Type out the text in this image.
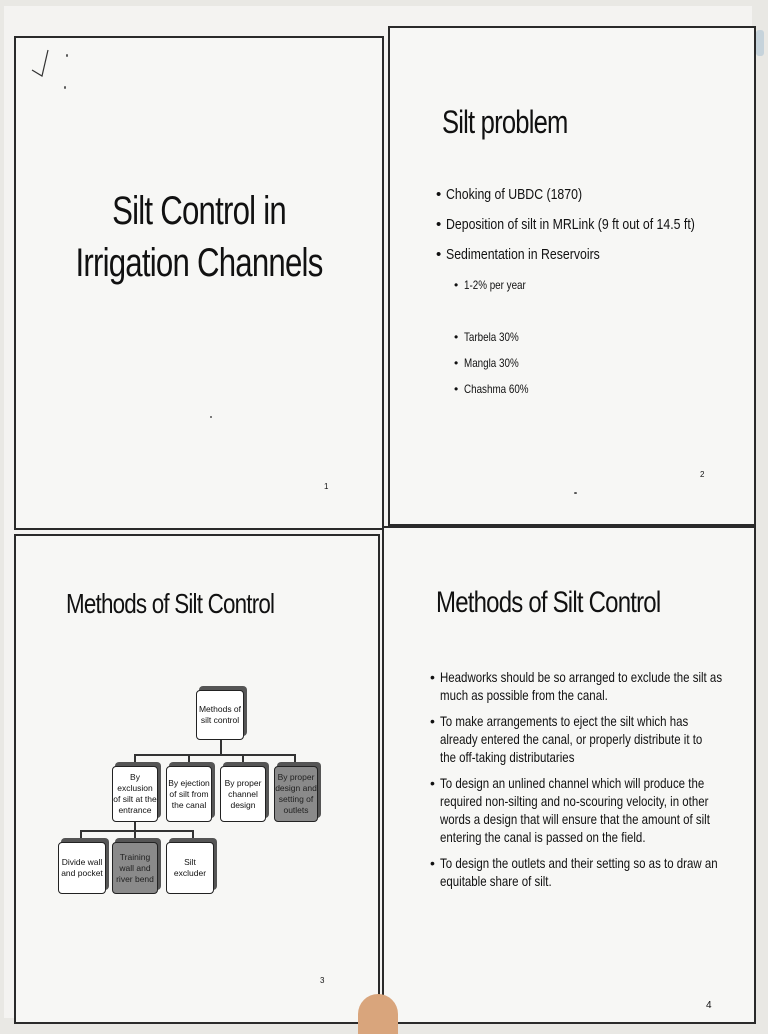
Silt Control in
Irrigation Channels
1
Silt problem
• Choking of UBDC (1870)
• Deposition of silt in MRLink (9 ft out of 14.5 ft)
• Sedimentation in Reservoirs
• 1-2% per year
• Tarbela 30%
• Mangla 30%
• Chashma 60%
2
Methods of Silt Control
Methods of silt control
By exclusion of silt at the entrance
By ejection of silt from the canal
By proper channel design
By proper design and setting of outlets
Divide wall and pocket
Training wall and river bend
Silt excluder
3
Methods of Silt Control
• Headworks should be so arranged to exclude the silt as
much as possible from the canal.
• To make arrangements to eject the silt which has
already entered the canal, or properly distribute it to
the off-taking distributaries
• To design an unlined channel which will produce the
required non-silting and no-scouring velocity, in other
words a design that will ensure that the amount of silt
entering the canal is passed on the field.
• To design the outlets and their setting so as to draw an
equitable share of silt.
4
